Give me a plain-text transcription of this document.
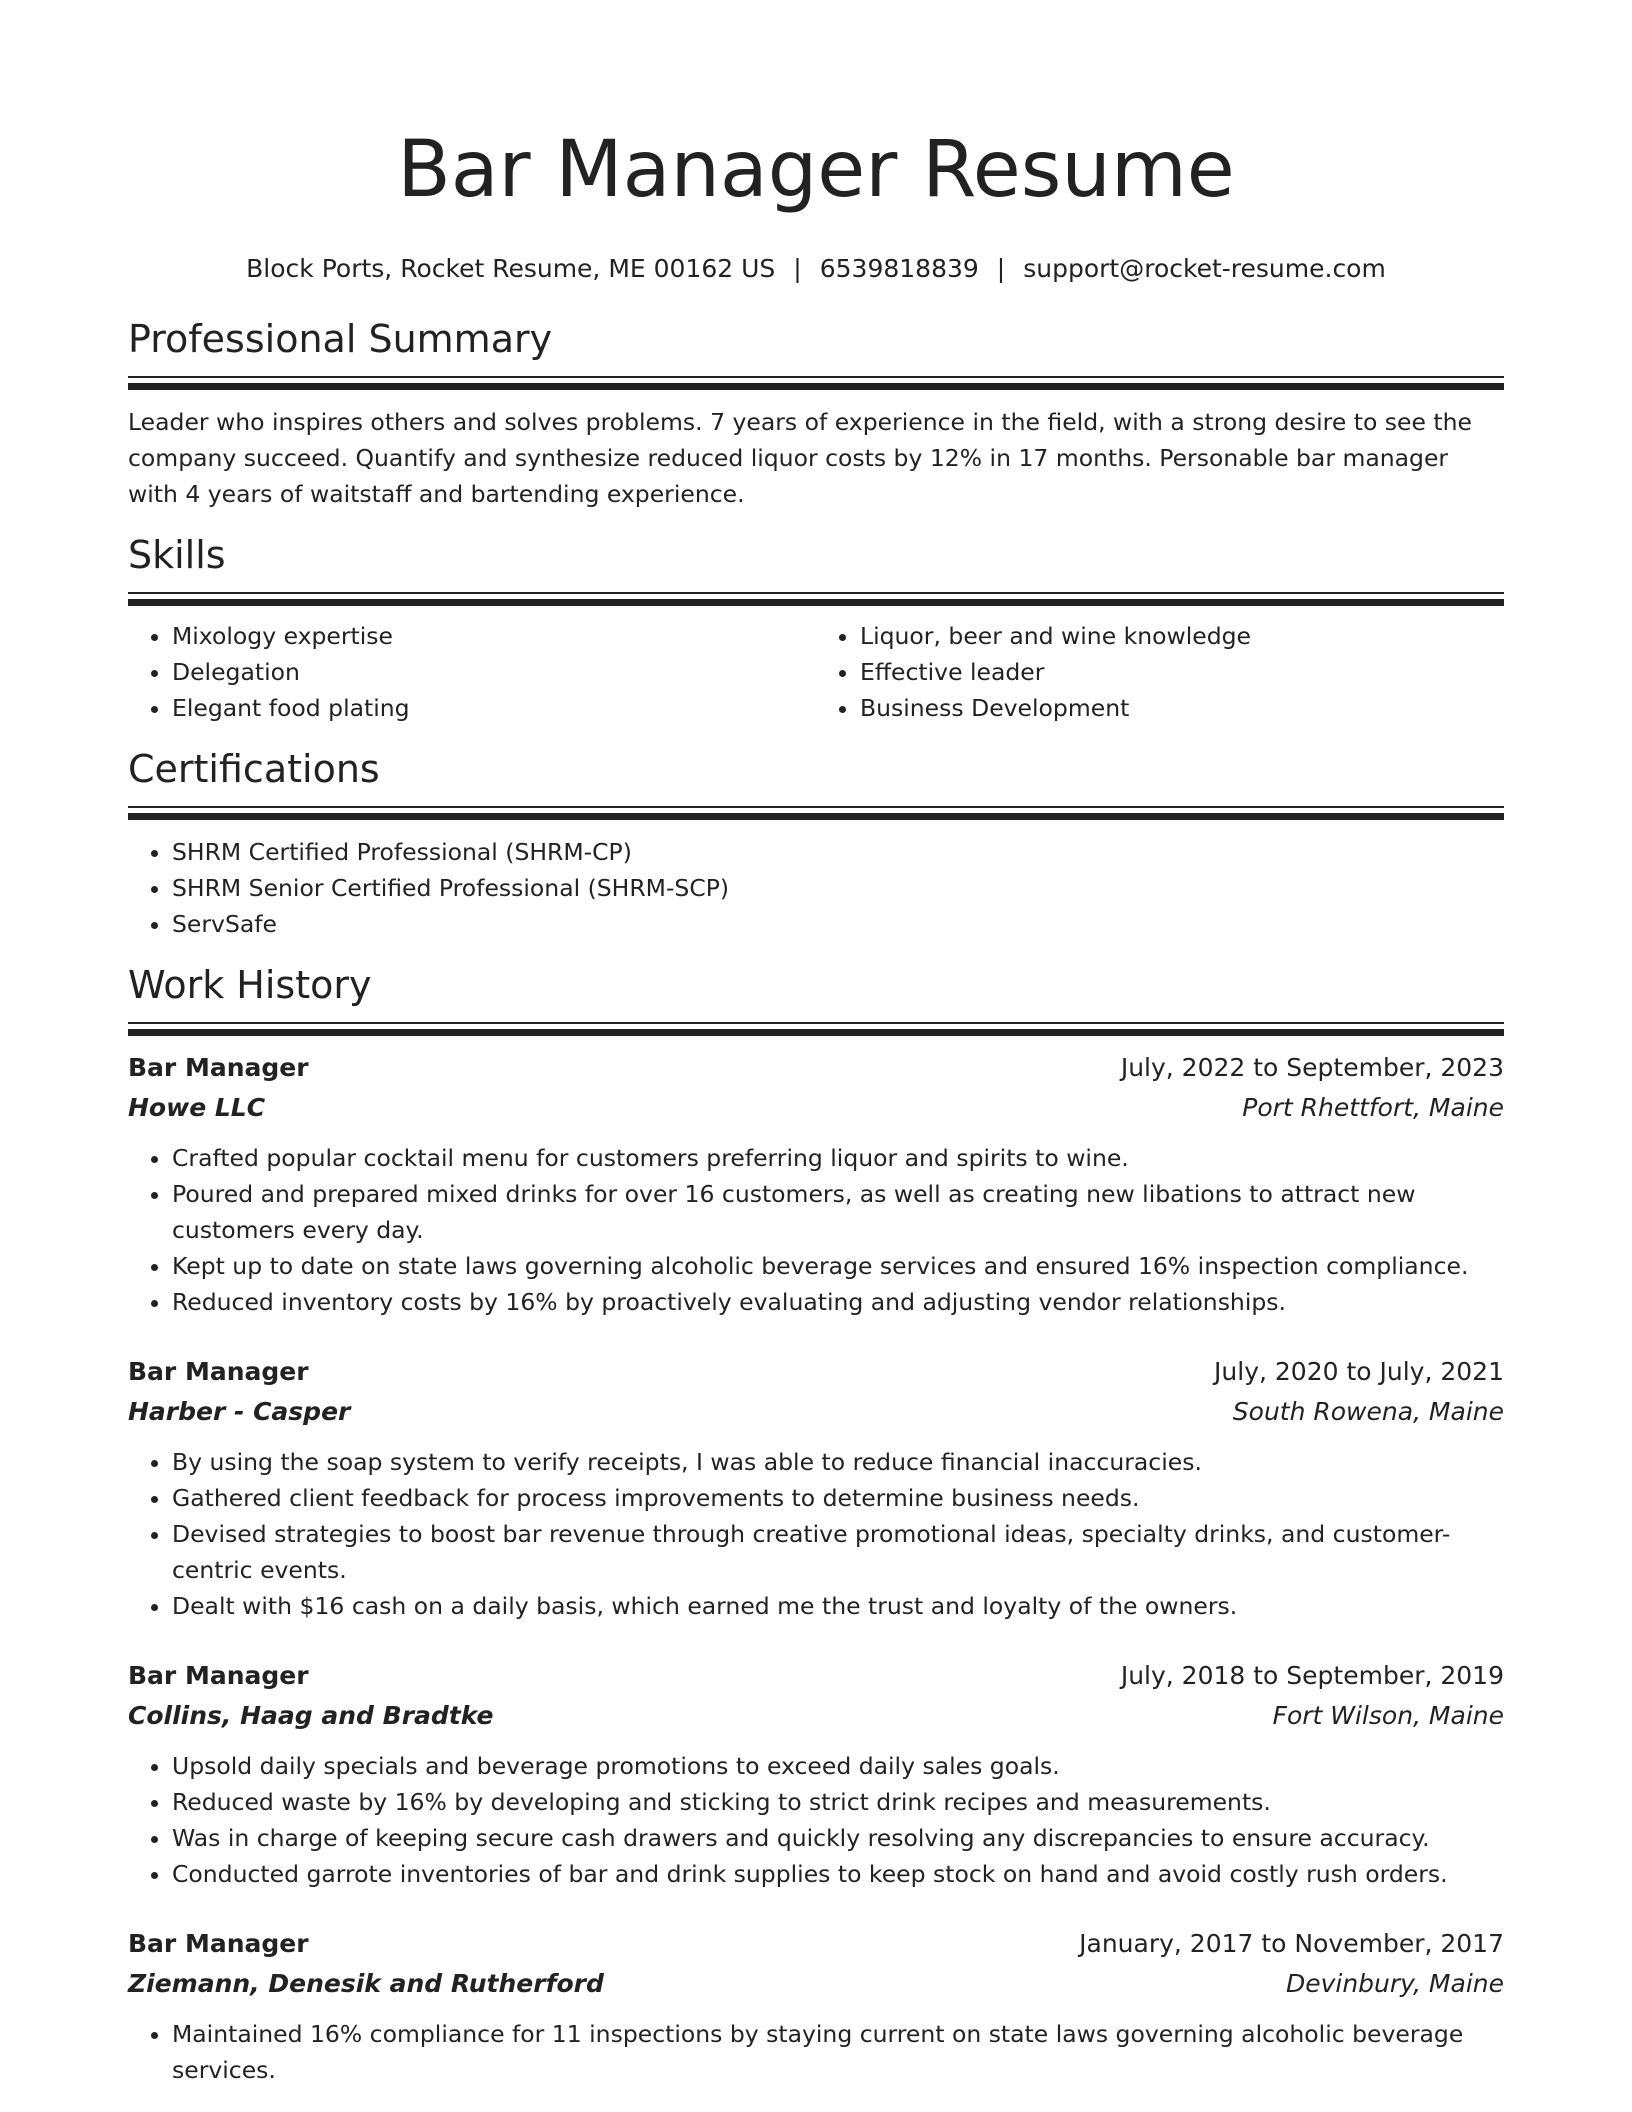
Bar Manager Resume
Block Ports, Rocket Resume, ME 00162 US | 6539818839 | support@rocket-resume.com
Professional Summary

Leader who inspires others and solves problems. 7 years of experience in the field, with a strong desire to see the company succeed. Quantify and synthesize reduced liquor costs by 12% in 17 months. Personable bar manager with 4 years of waitstaff and bartending experience.

Skills
• Mixology expertise
• Delegation
• Elegant food plating
• Liquor, beer and wine knowledge
• Effective leader
• Business Development
Certifications
• SHRM Certified Professional (SHRM-CP)
• SHRM Senior Certified Professional (SHRM-SCP)
• ServSafe
Work History
Bar Manager	July, 2022 to September, 2023
Howe LLC	Port Rhettfort, Maine
• Crafted popular cocktail menu for customers preferring liquor and spirits to wine.
• Poured and prepared mixed drinks for over 16 customers, as well as creating new libations to attract new customers every day.
• Kept up to date on state laws governing alcoholic beverage services and ensured 16% inspection compliance.
• Reduced inventory costs by 16% by proactively evaluating and adjusting vendor relationships.
Bar Manager	July, 2020 to July, 2021
Harber - Casper	South Rowena, Maine
• By using the soap system to verify receipts, I was able to reduce financial inaccuracies.
• Gathered client feedback for process improvements to determine business needs.
• Devised strategies to boost bar revenue through creative promotional ideas, specialty drinks, and customer-centric events.
• Dealt with $16 cash on a daily basis, which earned me the trust and loyalty of the owners.
Bar Manager	July, 2018 to September, 2019
Collins, Haag and Bradtke	Fort Wilson, Maine
• Upsold daily specials and beverage promotions to exceed daily sales goals.
• Reduced waste by 16% by developing and sticking to strict drink recipes and measurements.
• Was in charge of keeping secure cash drawers and quickly resolving any discrepancies to ensure accuracy.
• Conducted garrote inventories of bar and drink supplies to keep stock on hand and avoid costly rush orders.
Bar Manager	January, 2017 to November, 2017
Ziemann, Denesik and Rutherford	Devinbury, Maine
• Maintained 16% compliance for 11 inspections by staying current on state laws governing alcoholic beverage services.
